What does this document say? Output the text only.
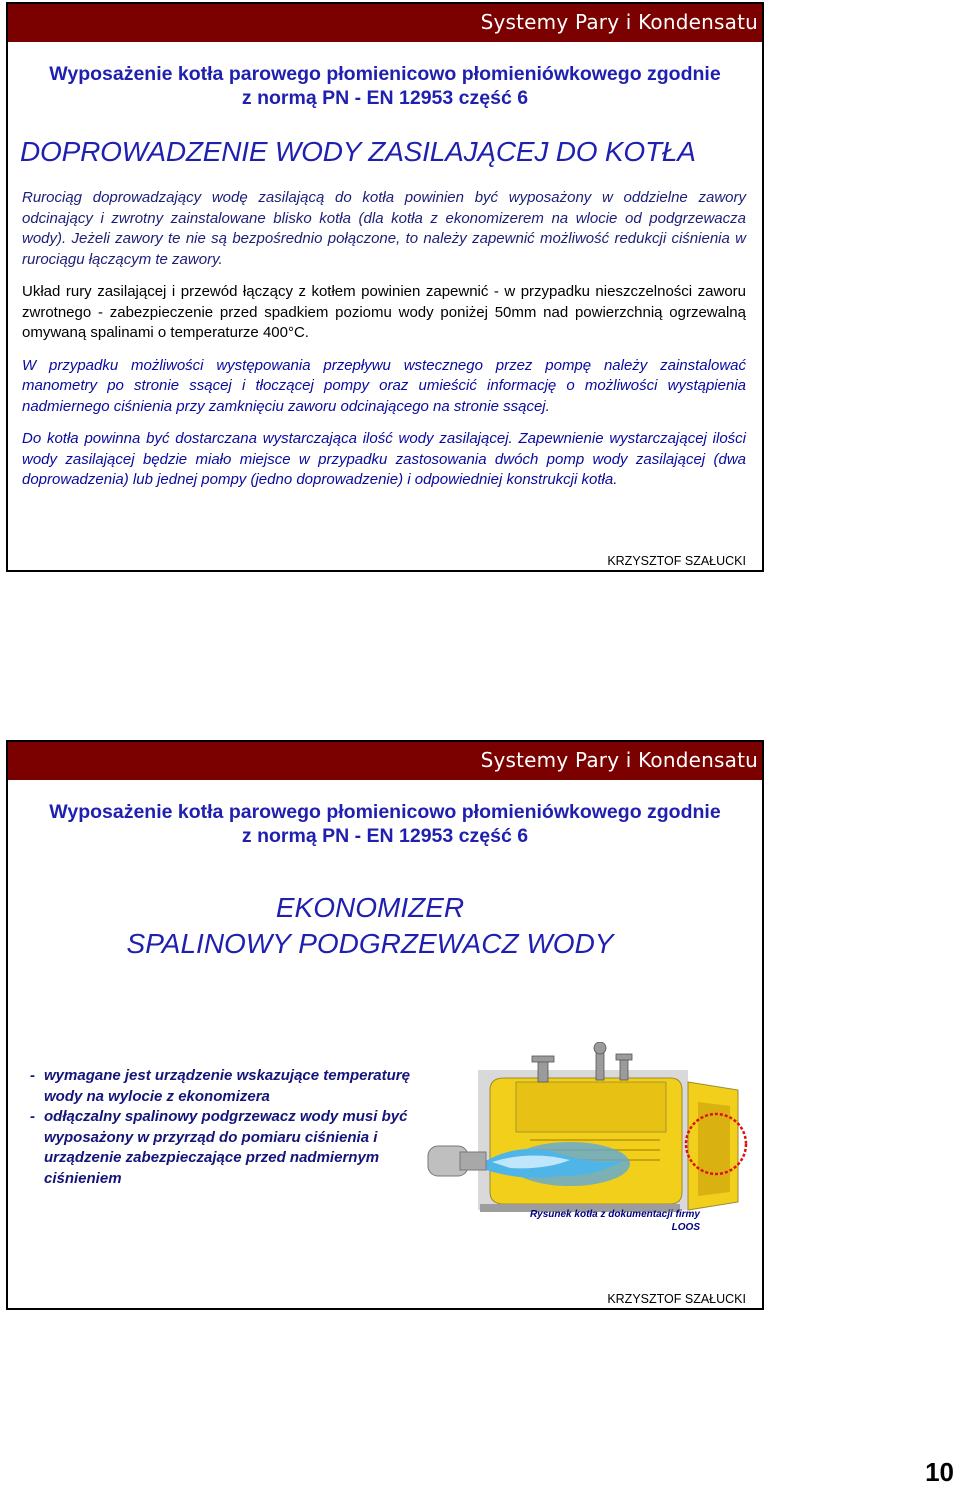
Systemy Pary i Kondensatu
Wyposażenie kotła parowego płomienicowo płomieniówkowego zgodnie
z normą PN - EN 12953 część 6
DOPROWADZENIE WODY ZASILAJĄCEJ DO KOTŁA
Rurociąg doprowadzający wodę zasilającą do kotła powinien być wyposażony w oddzielne zawory odcinający i zwrotny zainstalowane blisko kotła (dla kotła z ekonomizerem na wlocie od podgrzewacza wody). Jeżeli zawory te nie są bezpośrednio połączone, to należy zapewnić możliwość redukcji ciśnienia w rurociągu łączącym te zawory.
Układ rury zasilającej i przewód łączący z kotłem powinien zapewnić - w przypadku nieszczelności zaworu zwrotnego - zabezpieczenie przed spadkiem poziomu wody poniżej 50mm nad powierzchnią ogrzewalną omywaną spalinami o temperaturze 400°C.
W przypadku możliwości występowania przepływu wstecznego przez pompę należy zainstalować manometry po stronie ssącej i tłoczącej pompy oraz umieścić informację o możliwości wystąpienia nadmiernego ciśnienia przy zamknięciu zaworu odcinającego na stronie ssącej.
Do kotła powinna być dostarczana wystarczająca ilość wody zasilającej. Zapewnienie wystarczającej ilości wody zasilającej będzie miało miejsce w przypadku zastosowania dwóch pomp wody zasilającej (dwa doprowadzenia) lub jednej pompy (jedno doprowadzenie) i odpowiedniej konstrukcji kotła.
KRZYSZTOF SZAŁUCKI
Systemy Pary i Kondensatu
Wyposażenie kotła parowego płomienicowo płomieniówkowego zgodnie
z normą PN - EN 12953 część 6
EKONOMIZER
SPALINOWY PODGRZEWACZ WODY
- wymagane jest urządzenie wskazujące temperaturę wody na wylocie z ekonomizera
- odłączalny spalinowy podgrzewacz wody musi być wyposażony w przyrząd do pomiaru ciśnienia i urządzenie zabezpieczające przed nadmiernym ciśnieniem
Rysunek kotła z dokumentacji firmy
LOOS
KRZYSZTOF SZAŁUCKI
10
